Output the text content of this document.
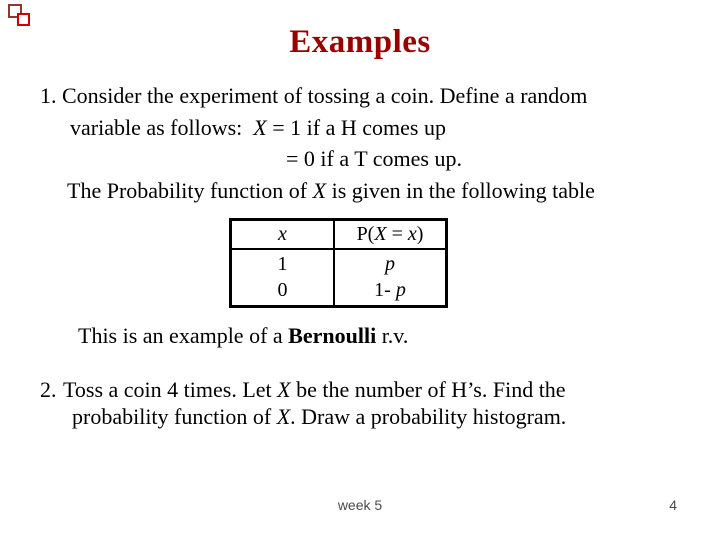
Examples
1. Consider the experiment of tossing a coin. Define a random
variable as follows:  X = 1 if a H comes up
= 0 if a T comes up.
The Probability function of X is given in the following table
x	P( X = x )
1
0
p
1- p
This is an example of a Bernoulli r.v.
2. Toss a coin 4 times. Let X be the number of H’s. Find the
probability function of X. Draw a probability histogram.
week 5	4
